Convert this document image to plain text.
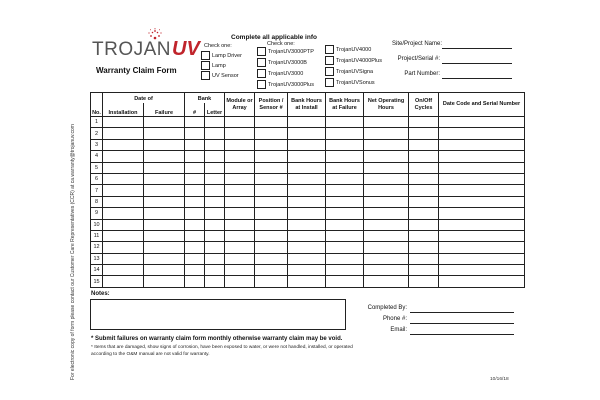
For electronic copy of form please contact our Customer Care Representatives (CCR) at ca.warranty@trojanuv.com
TROJANUV
Warranty Claim Form
Complete all applicable info
Check one:
Lamp Driver
Lamp
UV Sensor
Check one:
TrojanUV3000PTP
TrojanUV3000B
TrojanUV3000
TrojanUV3000Plus
TrojanUV4000
TrojanUV4000Plus
TrojanUVSigna
TrojanUVSonus
Site/Project Name:
Project/Serial #:
Part Number:
No.	Date of		Bank		Module or Array	Position / Sensor #	Bank Hours at Install	Bank Hours at Failure	Net Operating Hours	On/Off Cycles	Date Code and Serial Number
	Installation	Failure	#	Letter							
1											
2											
3											
4											
5											
6											
7											
8											
9											
10											
11											
12											
13											
14											
15											
Notes:
Completed By:
Phone #:
Email:
* Submit failures on warranty claim form monthly otherwise warranty claim may be void.
* Items that are damaged, show signs of corrosion, have been exposed to water, or were not handled, installed, or operated according to the O&M manual are not valid for warranty.
10/16/18
